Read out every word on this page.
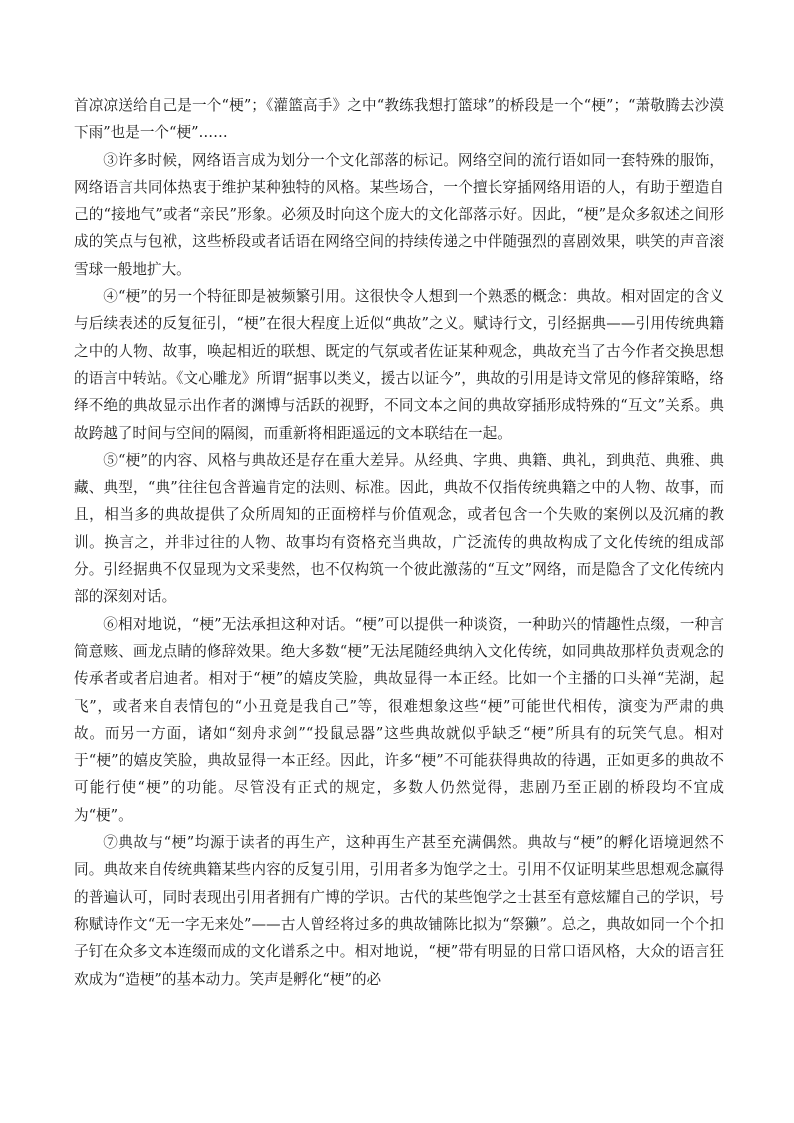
首凉凉送给自己是一个“梗”；《灌篮高手》之中“教练我想打篮球”的桥段是一个“梗”；“萧敬腾去沙漠下雨”也是一个“梗”……

③许多时候，网络语言成为划分一个文化部落的标记。网络空间的流行语如同一套特殊的服饰，网络语言共同体热衷于维护某种独特的风格。某些场合，一个擅长穿插网络用语的人，有助于塑造自己的“接地气”或者“亲民”形象。必须及时向这个庞大的文化部落示好。因此，“梗”是众多叙述之间形成的笑点与包袱，这些桥段或者话语在网络空间的持续传递之中伴随强烈的喜剧效果，哄笑的声音滚雪球一般地扩大。

④“梗”的另一个特征即是被频繁引用。这很快令人想到一个熟悉的概念：典故。相对固定的含义与后续表述的反复征引，“梗”在很大程度上近似“典故”之义。赋诗行文，引经据典——引用传统典籍之中的人物、故事，唤起相近的联想、既定的气氛或者佐证某种观念，典故充当了古今作者交换思想的语言中转站。《文心雕龙》所谓“据事以类义，援古以证今”，典故的引用是诗文常见的修辞策略，络绎不绝的典故显示出作者的渊博与活跃的视野，不同文本之间的典故穿插形成特殊的“互文”关系。典故跨越了时间与空间的隔阂，而重新将相距遥远的文本联结在一起。

⑤“梗”的内容、风格与典故还是存在重大差异。从经典、字典、典籍、典礼，到典范、典雅、典藏、典型，“典”往往包含普遍肯定的法则、标准。因此，典故不仅指传统典籍之中的人物、故事，而且，相当多的典故提供了众所周知的正面榜样与价值观念，或者包含一个失败的案例以及沉痛的教训。换言之，并非过往的人物、故事均有资格充当典故，广泛流传的典故构成了文化传统的组成部分。引经据典不仅显现为文采斐然，也不仅构筑一个彼此激荡的“互文”网络，而是隐含了文化传统内部的深刻对话。

⑥相对地说，“梗”无法承担这种对话。“梗”可以提供一种谈资，一种助兴的情趣性点缀，一种言简意赅、画龙点睛的修辞效果。绝大多数“梗”无法尾随经典纳入文化传统，如同典故那样负责观念的传承者或者启迪者。相对于“梗”的嬉皮笑脸，典故显得一本正经。比如一个主播的口头禅“芜湖，起飞”，或者来自表情包的“小丑竟是我自己”等，很难想象这些“梗”可能世代相传，演变为严肃的典故。而另一方面，诸如“刻舟求剑”“投鼠忌器”这些典故就似乎缺乏“梗”所具有的玩笑气息。相对于“梗”的嬉皮笑脸，典故显得一本正经。因此，许多“梗”不可能获得典故的待遇，正如更多的典故不可能行使“梗”的功能。尽管没有正式的规定，多数人仍然觉得，悲剧乃至正剧的桥段均不宜成为“梗”。

⑦典故与“梗”均源于读者的再生产，这种再生产甚至充满偶然。典故与“梗”的孵化语境迥然不同。典故来自传统典籍某些内容的反复引用，引用者多为饱学之士。引用不仅证明某些思想观念赢得的普遍认可，同时表现出引用者拥有广博的学识。古代的某些饱学之士甚至有意炫耀自己的学识，号称赋诗作文“无一字无来处”——古人曾经将过多的典故铺陈比拟为“祭獭”。总之，典故如同一个个扣子钉在众多文本连缀而成的文化谱系之中。相对地说，“梗”带有明显的日常口语风格，大众的语言狂欢成为“造梗”的基本动力。笑声是孵化“梗”的必
